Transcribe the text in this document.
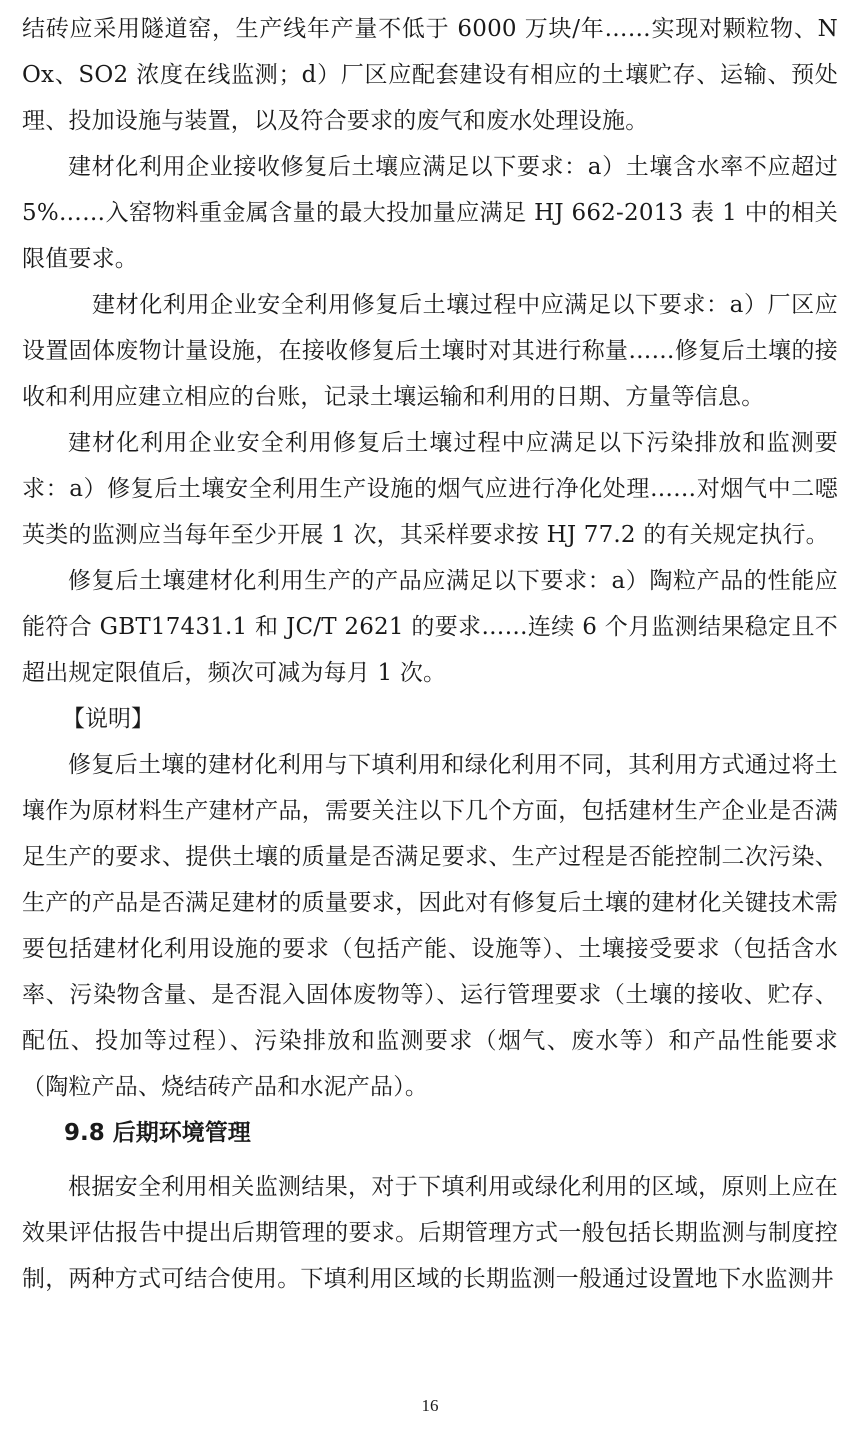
结砖应采用隧道窑，生产线年产量不低于 6000 万块/年……实现对颗粒物、NOx、SO2 浓度在线监测；d）厂区应配套建设有相应的土壤贮存、运输、预处理、投加设施与装置，以及符合要求的废气和废水处理设施。

建材化利用企业接收修复后土壤应满足以下要求：a）土壤含水率不应超过 5%……入窑物料重金属含量的最大投加量应满足 HJ 662-2013 表 1 中的相关限值要求。

建材化利用企业安全利用修复后土壤过程中应满足以下要求：a）厂区应设置固体废物计量设施，在接收修复后土壤时对其进行称量……修复后土壤的接收和利用应建立相应的台账，记录土壤运输和利用的日期、方量等信息。

建材化利用企业安全利用修复后土壤过程中应满足以下污染排放和监测要求：a）修复后土壤安全利用生产设施的烟气应进行净化处理……对烟气中二噁英类的监测应当每年至少开展 1 次，其采样要求按 HJ 77.2 的有关规定执行。

修复后土壤建材化利用生产的产品应满足以下要求：a）陶粒产品的性能应能符合 GBT17431.1 和 JC/T 2621 的要求……连续 6 个月监测结果稳定且不超出规定限值后，频次可减为每月 1 次。

【说明】

修复后土壤的建材化利用与下填利用和绿化利用不同，其利用方式通过将土壤作为原材料生产建材产品，需要关注以下几个方面，包括建材生产企业是否满足生产的要求、提供土壤的质量是否满足要求、生产过程是否能控制二次污染、生产的产品是否满足建材的质量要求，因此对有修复后土壤的建材化关键技术需要包括建材化利用设施的要求（包括产能、设施等）、土壤接受要求（包括含水率、污染物含量、是否混入固体废物等）、运行管理要求（土壤的接收、贮存、配伍、投加等过程）、污染排放和监测要求（烟气、废水等）和产品性能要求（陶粒产品、烧结砖产品和水泥产品）。

9.8 后期环境管理

根据安全利用相关监测结果，对于下填利用或绿化利用的区域，原则上应在效果评估报告中提出后期管理的要求。后期管理方式一般包括长期监测与制度控制，两种方式可结合使用。下填利用区域的长期监测一般通过设置地下水监测井

16
